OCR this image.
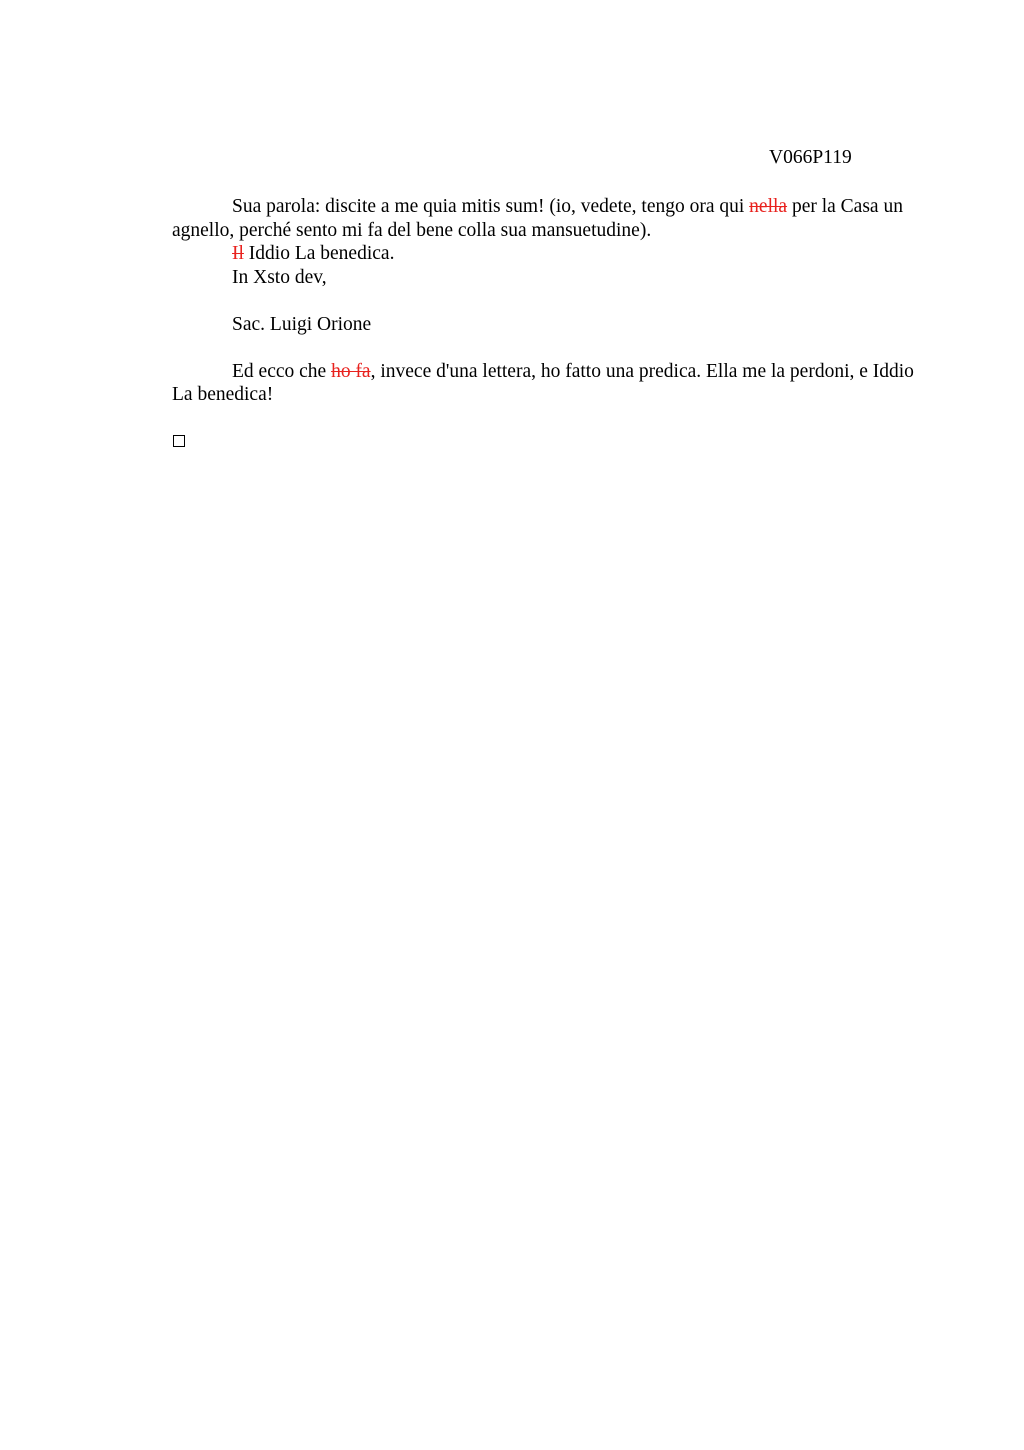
V066P119

Sua parola: discite a me quia mitis sum! (io, vedete, tengo ora qui nella per la Casa un agnello, perché sento mi fa del bene colla sua mansuetudine).

Il Iddio La benedica.

In Xsto dev,

Sac. Luigi Orione

Ed ecco che ho fa, invece d'una lettera, ho fatto una predica. Ella me la perdoni, e Iddio La benedica!
